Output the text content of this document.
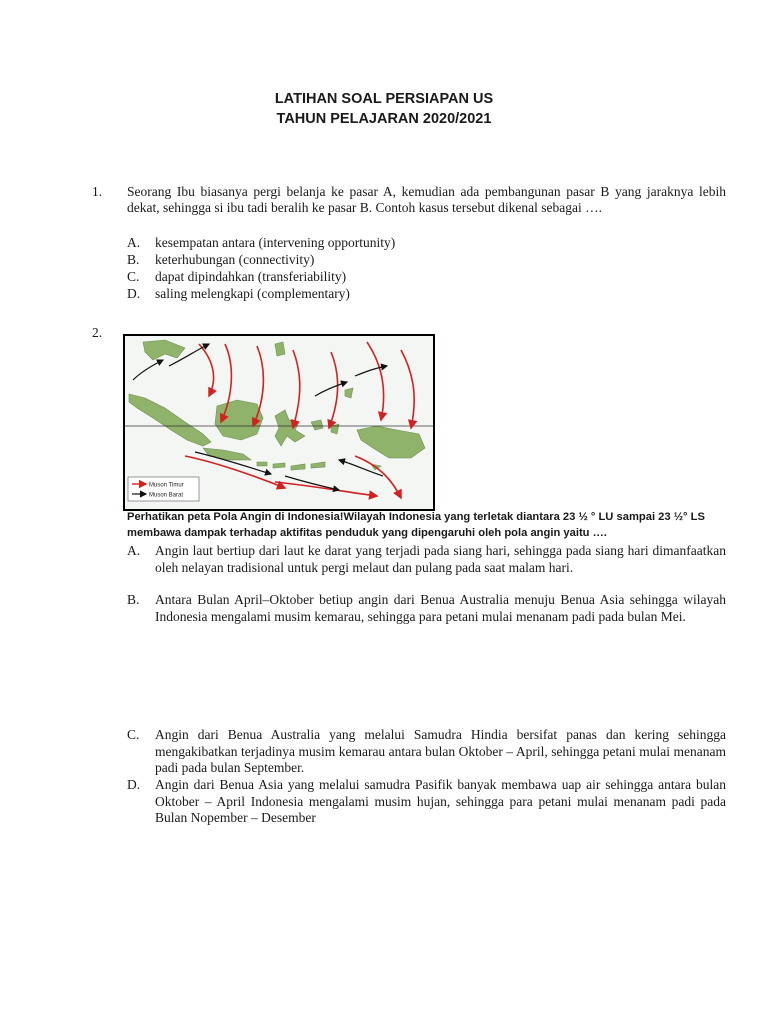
LATIHAN SOAL PERSIAPAN US
TAHUN PELAJARAN 2020/2021
1. Seorang Ibu biasanya pergi belanja ke pasar A, kemudian ada pembangunan pasar B yang jaraknya lebih dekat, sehingga si ibu tadi beralih ke pasar B. Contoh kasus tersebut dikenal sebagai ….
A. kesempatan antara (intervening opportunity)
B. keterhubungan (connectivity)
C. dapat dipindahkan (transferiability)
D. saling melengkapi (complementary)
2.
Muson Timur
Muson Barat
Perhatikan peta Pola Angin di Indonesia!Wilayah Indonesia yang terletak diantara 23 ½ ° LU sampai 23 ½° LS membawa dampak terhadap aktifitas penduduk yang dipengaruhi oleh pola angin yaitu ….
A. Angin laut bertiup dari laut ke darat yang terjadi pada siang hari, sehingga pada siang hari dimanfaatkan oleh nelayan tradisional untuk pergi melaut dan pulang pada saat malam hari.
B. Antara Bulan April–Oktober betiup angin dari Benua Australia menuju Benua Asia sehingga wilayah Indonesia mengalami musim kemarau, sehingga para petani mulai menanam padi pada bulan Mei.
C. Angin dari Benua Australia yang melalui Samudra Hindia bersifat panas dan kering sehingga mengakibatkan terjadinya musim kemarau antara bulan Oktober – April, sehingga petani mulai menanam padi pada bulan September.
D. Angin dari Benua Asia yang melalui samudra Pasifik banyak membawa uap air sehingga antara bulan Oktober – April Indonesia mengalami musim hujan, sehingga para petani mulai menanam padi pada Bulan Nopember – Desember
